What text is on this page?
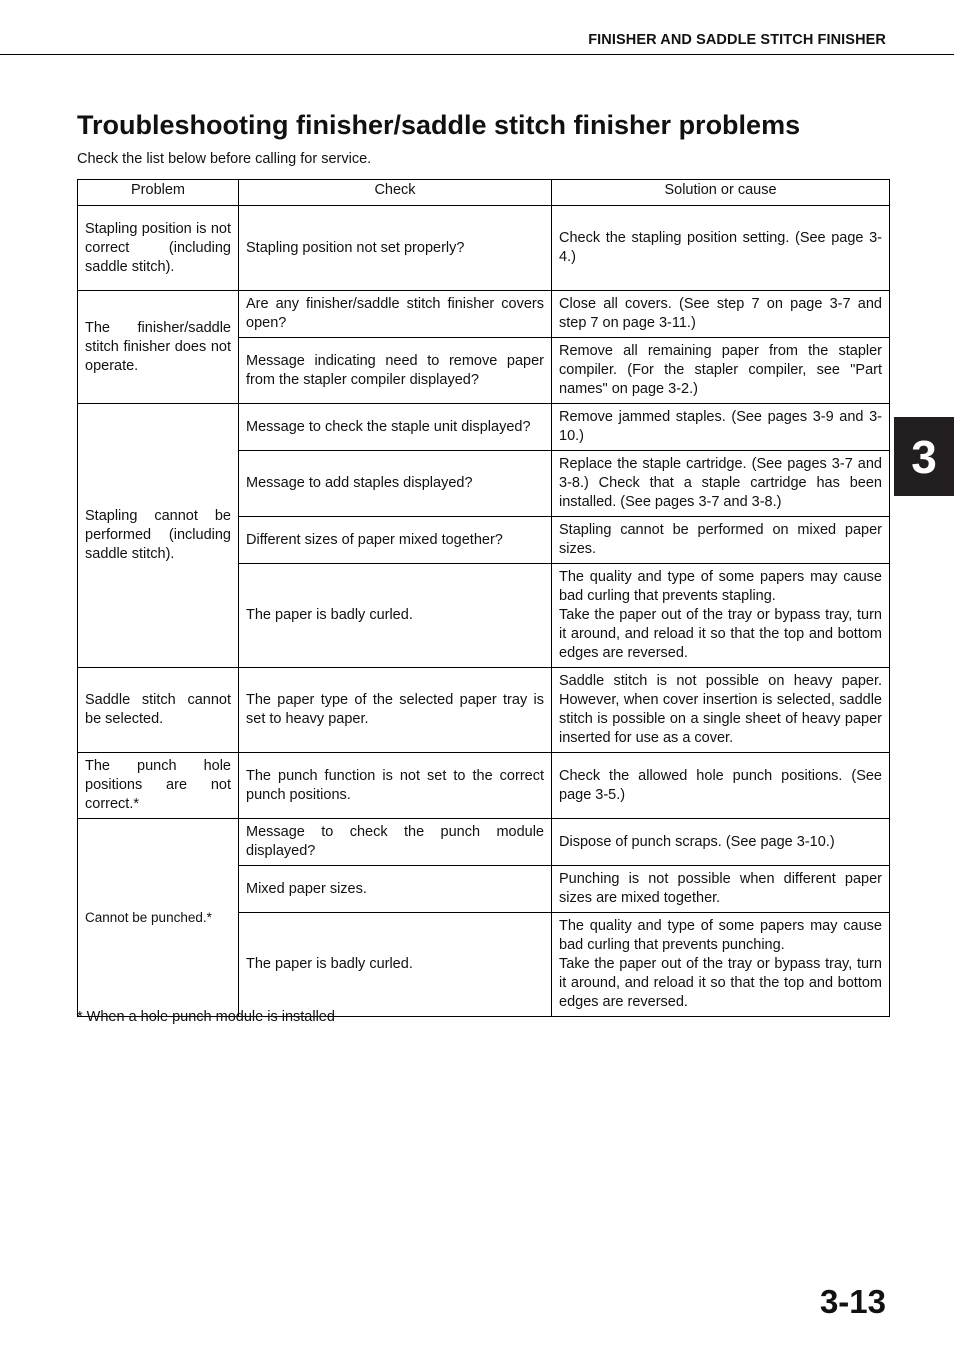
FINISHER AND SADDLE STITCH FINISHER
Troubleshooting finisher/saddle stitch finisher problems
Check the list below before calling for service.
Problem	Check	Solution or cause
Stapling position is not correct (including saddle stitch).	Stapling position not set properly?	Check the stapling position setting. (See page 3-4.)
The finisher/saddle stitch finisher does not operate.	Are any finisher/saddle stitch finisher covers open?	Close all covers. (See step 7 on page 3-7 and step 7 on page 3-11.)
	Message indicating need to remove paper from the stapler compiler displayed?	Remove all remaining paper from the stapler compiler. (For the stapler compiler, see "Part names" on page 3-2.)
Stapling cannot be performed (including saddle stitch).	Message to check the staple unit displayed?	Remove jammed staples. (See pages 3-9 and 3-10.)
	Message to add staples displayed?	Replace the staple cartridge. (See pages 3-7 and 3-8.) Check that a staple cartridge has been installed. (See pages 3-7 and 3-8.)
	Different sizes of paper mixed together?	Stapling cannot be performed on mixed paper sizes.
	The paper is badly curled.	The quality and type of some papers may cause bad curling that prevents stapling.
Take the paper out of the tray or bypass tray, turn it around, and reload it so that the top and bottom edges are reversed.

Saddle stitch cannot be selected.	The paper type of the selected paper tray is set to heavy paper.	Saddle stitch is not possible on heavy paper. However, when cover insertion is selected, saddle stitch is possible on a single sheet of heavy paper inserted for use as a cover.
The punch hole positions are not correct.*	The punch function is not set to the correct punch positions.	Check the allowed hole punch positions. (See page 3-5.)
Cannot be punched.*	Message to check the punch module displayed?	Dispose of punch scraps. (See page 3-10.)
	Mixed paper sizes.	Punching is not possible when different paper sizes are mixed together.
	The paper is badly curled.	The quality and type of some papers may cause bad curling that prevents punching.
Take the paper out of the tray or bypass tray, turn it around, and reload it so that the top and bottom edges are reversed.
* When a hole punch module is installed
3
3-13
